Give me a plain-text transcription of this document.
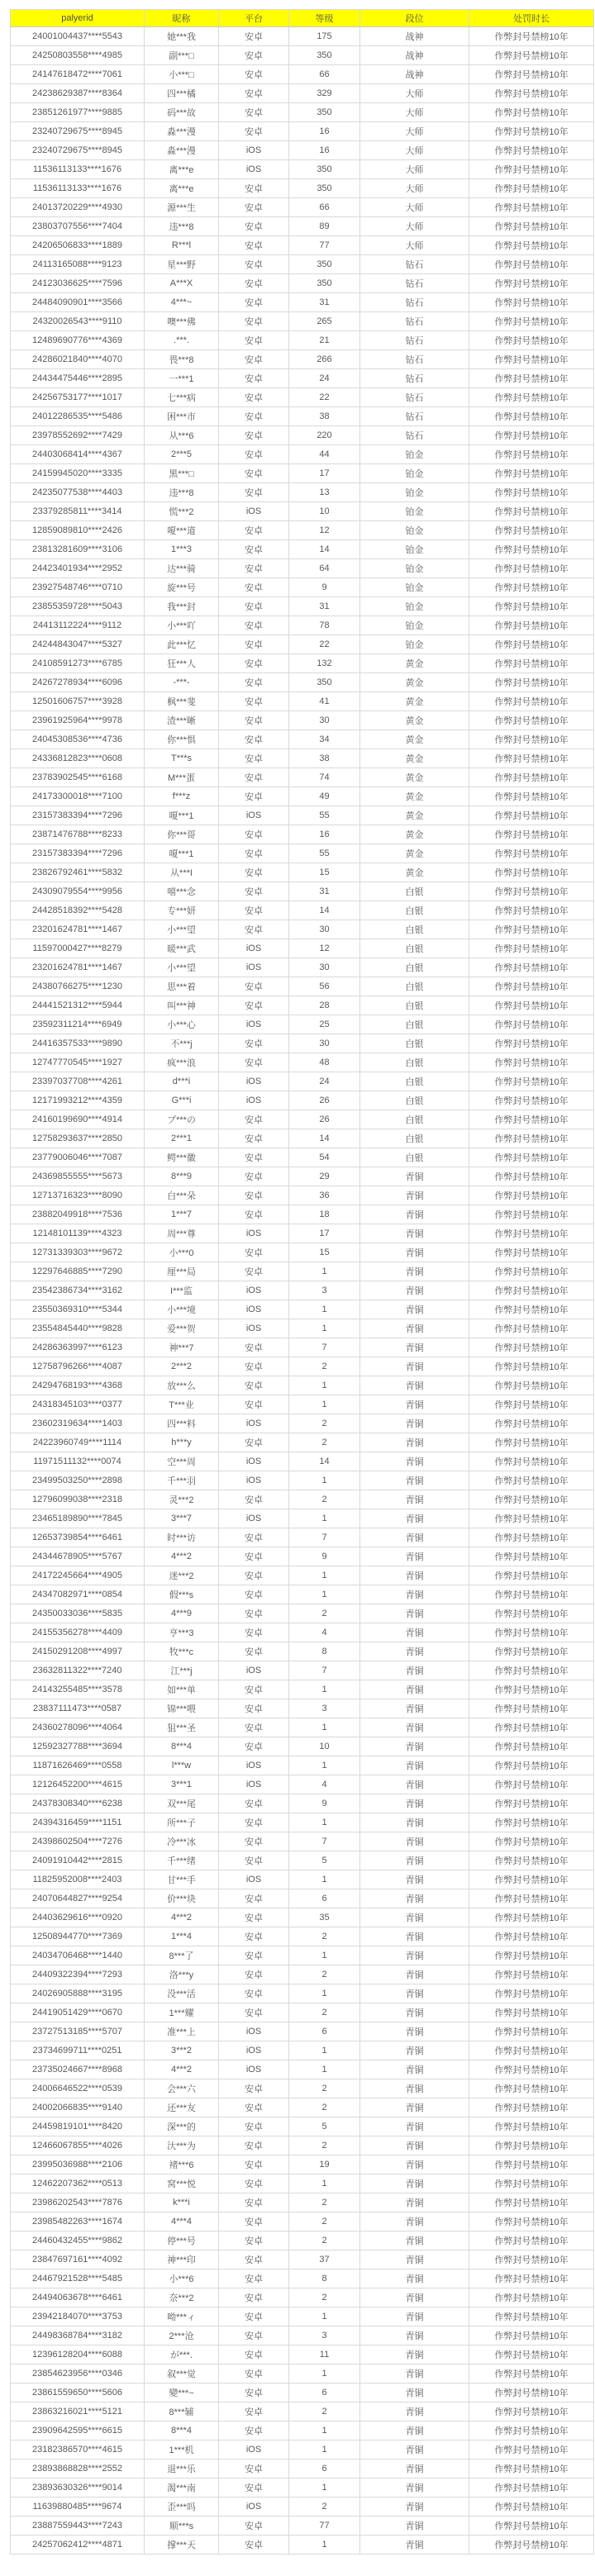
palyerid	昵称	平台	等级	段位	处罚时长
24001004437****5543	她***我	安卓	175	战神	作弊封号禁榜10年
24250803558****4985	副***□	安卓	350	战神	作弊封号禁榜10年
24147618472****7061	小***□	安卓	66	战神	作弊封号禁榜10年
24238629387****8364	四***橘	安卓	329	大师	作弊封号禁榜10年
23851261977****9885	码***故	安卓	350	大师	作弊封号禁榜10年
23240729675****8945	淼***漫	安卓	16	大师	作弊封号禁榜10年
23240729675****8945	淼***漫	iOS	16	大师	作弊封号禁榜10年
11536113133****1676	离***e	iOS	350	大师	作弊封号禁榜10年
11536113133****1676	离***e	安卓	350	大师	作弊封号禁榜10年
24013720229****4930	源***生	安卓	66	大师	作弊封号禁榜10年
23803707556****7404	违***8	安卓	89	大师	作弊封号禁榜10年
24206506833****1889	R***l	安卓	77	大师	作弊封号禁榜10年
24113165088****9123	星***野	安卓	350	钻石	作弊封号禁榜10年
24123036625****7596	A***X	安卓	350	钻石	作弊封号禁榜10年
24484090901****3566	4***~	安卓	31	钻石	作弊封号禁榜10年
24320026543****9110	噢***佛	安卓	265	钻石	作弊封号禁榜10年
12489690776****4369	.***.	安卓	21	钻石	作弊封号禁榜10年
24286021840****4070	畏***8	安卓	266	钻石	作弊封号禁榜10年
24434475446****2895	一***1	安卓	24	钻石	作弊封号禁榜10年
24256753177****1017	七***病	安卓	22	钻石	作弊封号禁榜10年
24012286535****5486	困***市	安卓	38	钻石	作弊封号禁榜10年
23978552692****7429	从***6	安卓	220	钻石	作弊封号禁榜10年
24403068414****4367	2***5	安卓	44	铂金	作弊封号禁榜10年
24159945020****3335	黑***□	安卓	17	铂金	作弊封号禁榜10年
24235077538****4403	违***8	安卓	13	铂金	作弊封号禁榜10年
23379285811****3414	慌***2	iOS	10	铂金	作弊封号禁榜10年
12859089810****2426	嗄***道	安卓	12	铂金	作弊封号禁榜10年
23813281609****3106	1***3	安卓	14	铂金	作弊封号禁榜10年
24423401934****2952	达***骑	安卓	64	铂金	作弊封号禁榜10年
23927548746****0710	旋***号	安卓	9	铂金	作弊封号禁榜10年
23855359728****5043	我***封	安卓	31	铂金	作弊封号禁榜10年
24413112224****9112	小***吖	安卓	78	铂金	作弊封号禁榜10年
24244843047****5327	此***忆	安卓	22	铂金	作弊封号禁榜10年
24108591273****6785	狂***人	安卓	132	黄金	作弊封号禁榜10年
24267278934****6096	-***-	安卓	350	黄金	作弊封号禁榜10年
12501606757****3928	枫***斐	安卓	41	黄金	作弊封号禁榜10年
23961925964****9978	渣***晰	安卓	30	黄金	作弊封号禁榜10年
24045308536****4736	你***惧	安卓	34	黄金	作弊封号禁榜10年
24336812823****0608	T***s	安卓	38	黄金	作弊封号禁榜10年
23783902545****6168	M***蛋	安卓	74	黄金	作弊封号禁榜10年
24173300018****7100	f***z	安卓	49	黄金	作弊封号禁榜10年
23157383394****7296	嗄***1	iOS	55	黄金	作弊封号禁榜10年
23871476788****8233	你***哥	安卓	16	黄金	作弊封号禁榜10年
23157383394****7296	嗄***1	安卓	55	黄金	作弊封号禁榜10年
23826792461****5832	从***I	安卓	15	黄金	作弊封号禁榜10年
24309079554****9956	嘻***念	安卓	31	白银	作弊封号禁榜10年
24428518392****5428	专***妍	安卓	14	白银	作弊封号禁榜10年
23201624781****1467	小***望	安卓	30	白银	作弊封号禁榜10年
11597000427****8279	暖***武	iOS	12	白银	作弊封号禁榜10年
23201624781****1467	小***望	iOS	30	白银	作弊封号禁榜10年
24380766275****1230	思***着	安卓	56	白银	作弊封号禁榜10年
24441521312****5944	叫***神	安卓	28	白银	作弊封号禁榜10年
23592311214****6949	小***心	iOS	25	白银	作弊封号禁榜10年
24416357533****9890	不***j	安卓	30	白银	作弊封号禁榜10年
12747770545****1927	疯***浪	安卓	48	白银	作弊封号禁榜10年
23397037708****4261	d***i	iOS	24	白银	作弊封号禁榜10年
12171993212****4359	G***i	iOS	26	白银	作弊封号禁榜10年
24160199690****4914	プ***の	安卓	26	白银	作弊封号禁榜10年
12758293637****2850	2***1	安卓	14	白银	作弊封号禁榜10年
23779006046****7087	鳄***徽	安卓	54	白银	作弊封号禁榜10年
24369855555****5673	8***9	安卓	29	青铜	作弊封号禁榜10年
12713716323****8090	白***朵	安卓	36	青铜	作弊封号禁榜10年
23882049918****7536	1***7	安卓	18	青铜	作弊封号禁榜10年
12148101139****4323	周***尊	iOS	17	青铜	作弊封号禁榜10年
12731339303****9672	小***0	安卓	15	青铜	作弊封号禁榜10年
12297646885****7290	厘***局	安卓	1	青铜	作弊封号禁榜10年
23542386734****3162	I***监	iOS	3	青铜	作弊封号禁榜10年
23550369310****5344	小***境	iOS	1	青铜	作弊封号禁榜10年
23554845440****9828	爱***贺	iOS	1	青铜	作弊封号禁榜10年
24286363997****6123	神***7	安卓	7	青铜	作弊封号禁榜10年
12758796266****4087	2***2	安卓	2	青铜	作弊封号禁榜10年
24294768193****4368	放***么	安卓	1	青铜	作弊封号禁榜10年
24318345103****0377	T***业	安卓	1	青铜	作弊封号禁榜10年
23602319634****1403	四***料	iOS	2	青铜	作弊封号禁榜10年
24223960749****1114	h***y	安卓	2	青铜	作弊封号禁榜10年
11971511132****0074	空***周	iOS	14	青铜	作弊封号禁榜10年
23499503250****2898	千***羽	iOS	1	青铜	作弊封号禁榜10年
12796099038****2318	灵***2	安卓	2	青铜	作弊封号禁榜10年
23465189890****7845	3***7	iOS	1	青铜	作弊封号禁榜10年
12653739854****6461	时***访	安卓	7	青铜	作弊封号禁榜10年
24344678905****5767	4***2	安卓	9	青铜	作弊封号禁榜10年
24172245664****4905	迷***2	安卓	1	青铜	作弊封号禁榜10年
24347082971****0854	假***s	安卓	1	青铜	作弊封号禁榜10年
24350033036****5835	4***9	安卓	2	青铜	作弊封号禁榜10年
24155356278****4409	亨***3	安卓	4	青铜	作弊封号禁榜10年
24150291208****4997	牧***c	安卓	8	青铜	作弊封号禁榜10年
23632811322****7240	江***j	iOS	7	青铜	作弊封号禁榜10年
24143255485****3578	如***单	安卓	1	青铜	作弊封号禁榜10年
23837111473****0587	锦***喂	安卓	3	青铜	作弊封号禁榜10年
24360278096****4064	狙***圣	安卓	1	青铜	作弊封号禁榜10年
12592327788****3694	8***4	安卓	10	青铜	作弊封号禁榜10年
11871626469****0558	l***w	iOS	1	青铜	作弊封号禁榜10年
12126452200****4615	3***1	iOS	4	青铜	作弊封号禁榜10年
24378308340****6238	双***尾	安卓	9	青铜	作弊封号禁榜10年
24394316459****1151	所***子	安卓	1	青铜	作弊封号禁榜10年
24398602504****7276	冷***冰	安卓	7	青铜	作弊封号禁榜10年
24091910442****2815	千***绪	安卓	5	青铜	作弊封号禁榜10年
11825952008****2403	甘***手	iOS	1	青铜	作弊封号禁榜10年
24070644827****9254	价***块	安卓	6	青铜	作弊封号禁榜10年
24403629616****0920	4***2	安卓	35	青铜	作弊封号禁榜10年
12508944770****7369	1***4	安卓	2	青铜	作弊封号禁榜10年
24034706468****1440	8***了	安卓	1	青铜	作弊封号禁榜10年
24409322394****7293	洛***y	安卓	2	青铜	作弊封号禁榜10年
24026905888****3195	没***活	安卓	1	青铜	作弊封号禁榜10年
24419051429****0670	1***耀	安卓	2	青铜	作弊封号禁榜10年
23727513185****5707	准***上	iOS	6	青铜	作弊封号禁榜10年
23734699711****0251	3***2	iOS	1	青铜	作弊封号禁榜10年
23735024667****8968	4***2	iOS	1	青铜	作弊封号禁榜10年
24006646522****0539	会***六	安卓	2	青铜	作弊封号禁榜10年
24002066835****9140	还***友	安卓	2	青铜	作弊封号禁榜10年
24459819101****8420	深***的	安卓	5	青铜	作弊封号禁榜10年
12466067855****4026	汏***为	安卓	2	青铜	作弊封号禁榜10年
23995036988****2106	褚***6	安卓	19	青铜	作弊封号禁榜10年
12462207362****0513	窝***悦	安卓	1	青铜	作弊封号禁榜10年
23986202543****7876	k***i	安卓	2	青铜	作弊封号禁榜10年
23985482263****1674	4***4	安卓	2	青铜	作弊封号禁榜10年
24460432455****9862	停***号	安卓	2	青铜	作弊封号禁榜10年
23847697161****4092	神***印	安卓	37	青铜	作弊封号禁榜10年
24467921528****5485	小***6	安卓	8	青铜	作弊封号禁榜10年
24494063678****6461	奈***2	安卓	2	青铜	作弊封号禁榜10年
23942184070****3753	呦***ィ	安卓	1	青铜	作弊封号禁榜10年
24498368784****3182	2***沧	安卓	3	青铜	作弊封号禁榜10年
12396128204****6088	が***.	安卓	11	青铜	作弊封号禁榜10年
23854623956****0346	叙***觉	安卓	1	青铜	作弊封号禁榜10年
23861559650****5606	變***~	安卓	6	青铜	作弊封号禁榜10年
23863216021****5121	8***辅	安卓	2	青铜	作弊封号禁榜10年
23909642595****6615	8***4	安卓	1	青铜	作弊封号禁榜10年
23182386570****4615	1***机	iOS	1	青铜	作弊封号禁榜10年
23893868828****2552	退***乐	安卓	6	青铜	作弊封号禁榜10年
23893630326****9014	渴***南	安卓	1	青铜	作弊封号禁榜10年
11639880485****9674	歪***吗	iOS	2	青铜	作弊封号禁榜10年
23887559443****7243	顺***s	安卓	77	青铜	作弊封号禁榜10年
24257062412****4871	撑***天	安卓	1	青铜	作弊封号禁榜10年
